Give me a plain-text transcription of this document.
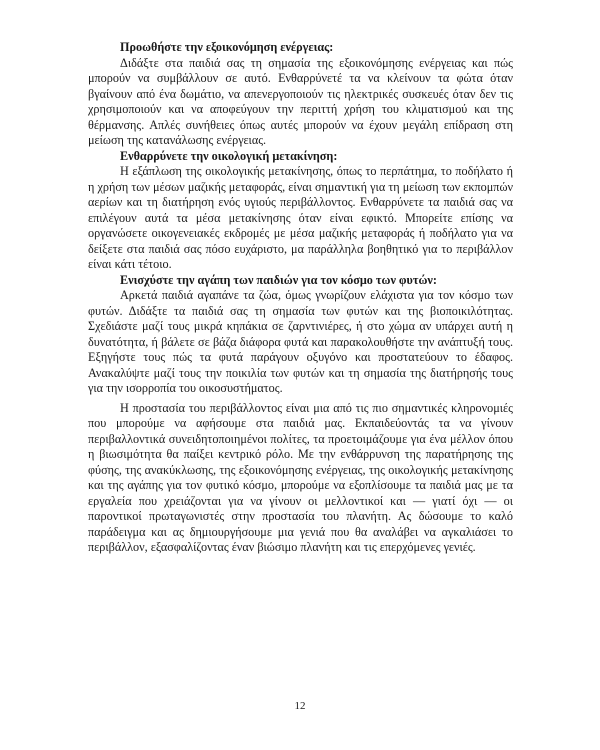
Προωθήστε την εξοικονόμηση ενέργειας:

Διδάξτε στα παιδιά σας τη σημασία της εξοικονόμησης ενέργειας και πώς μπορούν να συμβάλλουν σε αυτό. Ενθαρρύνετέ τα να κλείνουν τα φώτα όταν βγαίνουν από ένα δωμάτιο, να απενεργοποιούν τις ηλεκτρικές συσκευές όταν δεν τις χρησιμοποιούν και να αποφεύγουν την περιττή χρήση του κλιματισμού και της θέρμανσης. Απλές συνήθειες όπως αυτές μπορούν να έχουν μεγάλη επίδραση στη μείωση της κατανάλωσης ενέργειας.

Ενθαρρύνετε την οικολογική μετακίνηση:

Η εξάπλωση της οικολογικής μετακίνησης, όπως το περπάτημα, το ποδήλατο ή η χρήση των μέσων μαζικής μεταφοράς, είναι σημαντική για τη μείωση των εκπομπών αερίων και τη διατήρηση ενός υγιούς περιβάλλοντος. Ενθαρρύνετε τα παιδιά σας να επιλέγουν αυτά τα μέσα μετακίνησης όταν είναι εφικτό. Μπορείτε επίσης να οργανώσετε οικογενειακές εκδρομές με μέσα μαζικής μεταφοράς ή ποδήλατο για να δείξετε στα παιδιά σας πόσο ευχάριστο, μα παράλληλα βοηθητικό για το περιβάλλον είναι κάτι τέτοιο.

Ενισχύστε την αγάπη των παιδιών για τον κόσμο των φυτών:

Αρκετά παιδιά αγαπάνε τα ζώα, όμως γνωρίζουν ελάχιστα για τον κόσμο των φυτών. Διδάξτε τα παιδιά σας τη σημασία των φυτών και της βιοποικιλότητας. Σχεδιάστε μαζί τους μικρά κηπάκια σε ζαρντινιέρες, ή στο χώμα αν υπάρχει αυτή η δυνατότητα, ή βάλετε σε βάζα διάφορα φυτά και παρακολουθήστε την ανάπτυξή τους. Εξηγήστε τους πώς τα φυτά παράγουν οξυγόνο και προστατεύουν το έδαφος. Ανακαλύψτε μαζί τους την ποικιλία των φυτών και τη σημασία της διατήρησής τους για την ισορροπία του οικοσυστήματος.

Η προστασία του περιβάλλοντος είναι μια από τις πιο σημαντικές κληρονομιές που μπορούμε να αφήσουμε στα παιδιά μας. Εκπαιδεύοντάς τα να γίνουν περιβαλλοντικά συνειδητοποιημένοι πολίτες, τα προετοιμάζουμε για ένα μέλλον όπου η βιωσιμότητα θα παίξει κεντρικό ρόλο. Με την ενθάρρυνση της παρατήρησης της φύσης, της ανακύκλωσης, της εξοικονόμησης ενέργειας, της οικολογικής μετακίνησης και της αγάπης για τον φυτικό κόσμο, μπορούμε να εξοπλίσουμε τα παιδιά μας με τα εργαλεία που χρειάζονται για να γίνουν οι μελλοντικοί και — γιατί όχι — οι παροντικοί πρωταγωνιστές στην προστασία του πλανήτη. Ας δώσουμε το καλό παράδειγμα και ας δημιουργήσουμε μια γενιά που θα αναλάβει να αγκαλιάσει το περιβάλλον, εξασφαλίζοντας έναν βιώσιμο πλανήτη και τις επερχόμενες γενιές.

12
